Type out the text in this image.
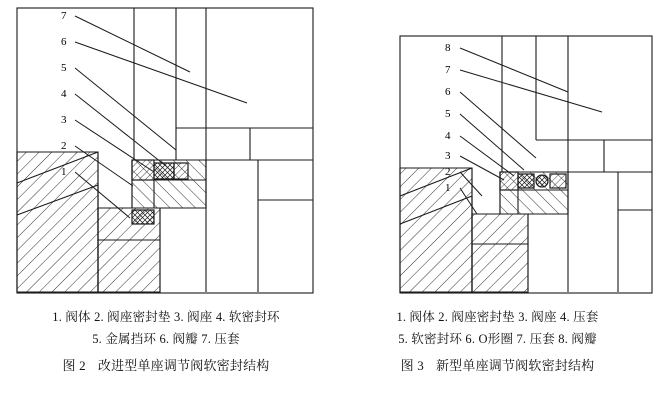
7
6
5
4
3
2
1
1. 阀体 2. 阀座密封垫 3. 阀座 4. 软密封环
5. 金属挡环 6. 阀瓣 7. 压套
图 2 改进型单座调节阀软密封结构
8
7
6
5
4
3
2
1
1. 阀体 2. 阀座密封垫 3. 阀座 4. 压套
5. 软密封环 6. O形圈 7. 压套 8. 阀瓣
图 3 新型单座调节阀软密封结构
